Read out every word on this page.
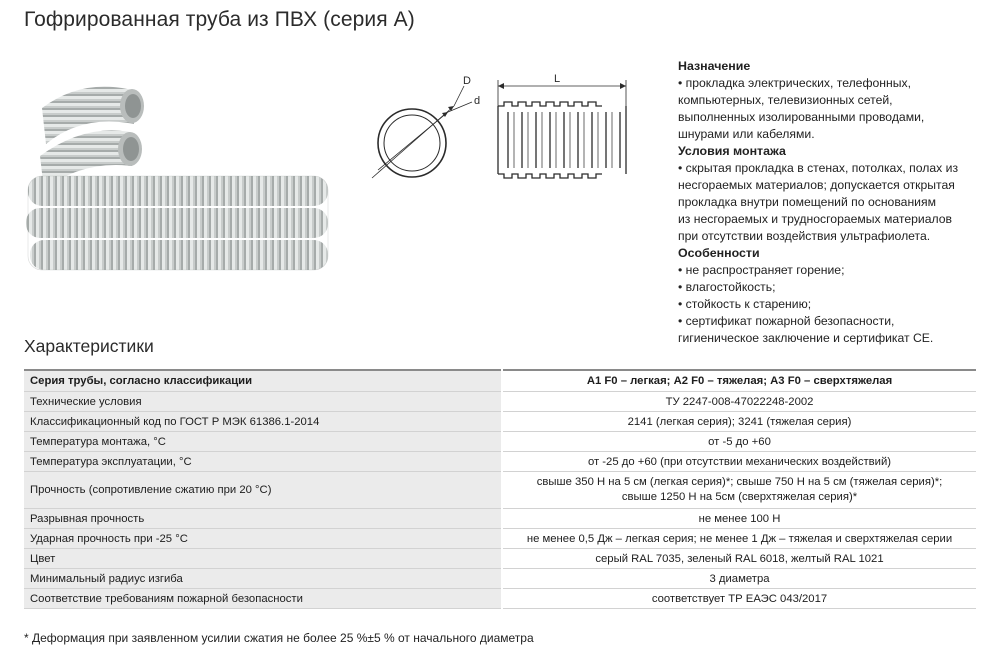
Гофрированная труба из ПВХ (серия А)
D
d
L
Назначение

• прокладка электрических, телефонных,

компьютерных, телевизионных сетей,

выполненных изолированными проводами,

шнурами или кабелями.

Условия монтажа

• скрытая прокладка в стенах, потолках, полах из

несгораемых материалов; допускается открытая

прокладка внутри помещений по основаниям

из несгораемых и трудносгораемых материалов

при отсутствии воздействия ультрафиолета.

Особенности

• не распространяет горение;

• влагостойкость;

• стойкость к старению;

• сертификат пожарной безопасности,

гигиеническое заключение и сертификат СЕ.

Характеристики
Серия трубы, согласно классификации	А1 F0 – легкая; А2 F0 – тяжелая; А3 F0 – сверхтяжелая
Технические условия	ТУ 2247-008-47022248-2002
Классификационный код по ГОСТ Р МЭК 61386.1-2014	2141 (легкая серия); 3241 (тяжелая серия)
Температура монтажа, °C	от -5 до +60
Температура эксплуатации, °C	от -25 до +60 (при отсутствии механических воздействий)
Прочность (сопротивление сжатию при 20 °C)	свыше 350 Н на 5 см (легкая серия)*; свыше 750 Н на 5 см (тяжелая серия)*;
свыше 1250 Н на 5см (сверхтяжелая серия)*

Разрывная прочность	не менее 100 Н
Ударная прочность при -25 °C	не менее 0,5 Дж – легкая серия; не менее 1 Дж – тяжелая и сверхтяжелая серии
Цвет	серый RAL 7035, зеленый RAL 6018, желтый RAL 1021
Минимальный радиус изгиба	3 диаметра
Соответствие требованиям пожарной безопасности	соответствует ТР ЕАЭС 043/2017

* Деформация при заявленном усилии сжатия не более 25 %±5 % от начального диаметра
